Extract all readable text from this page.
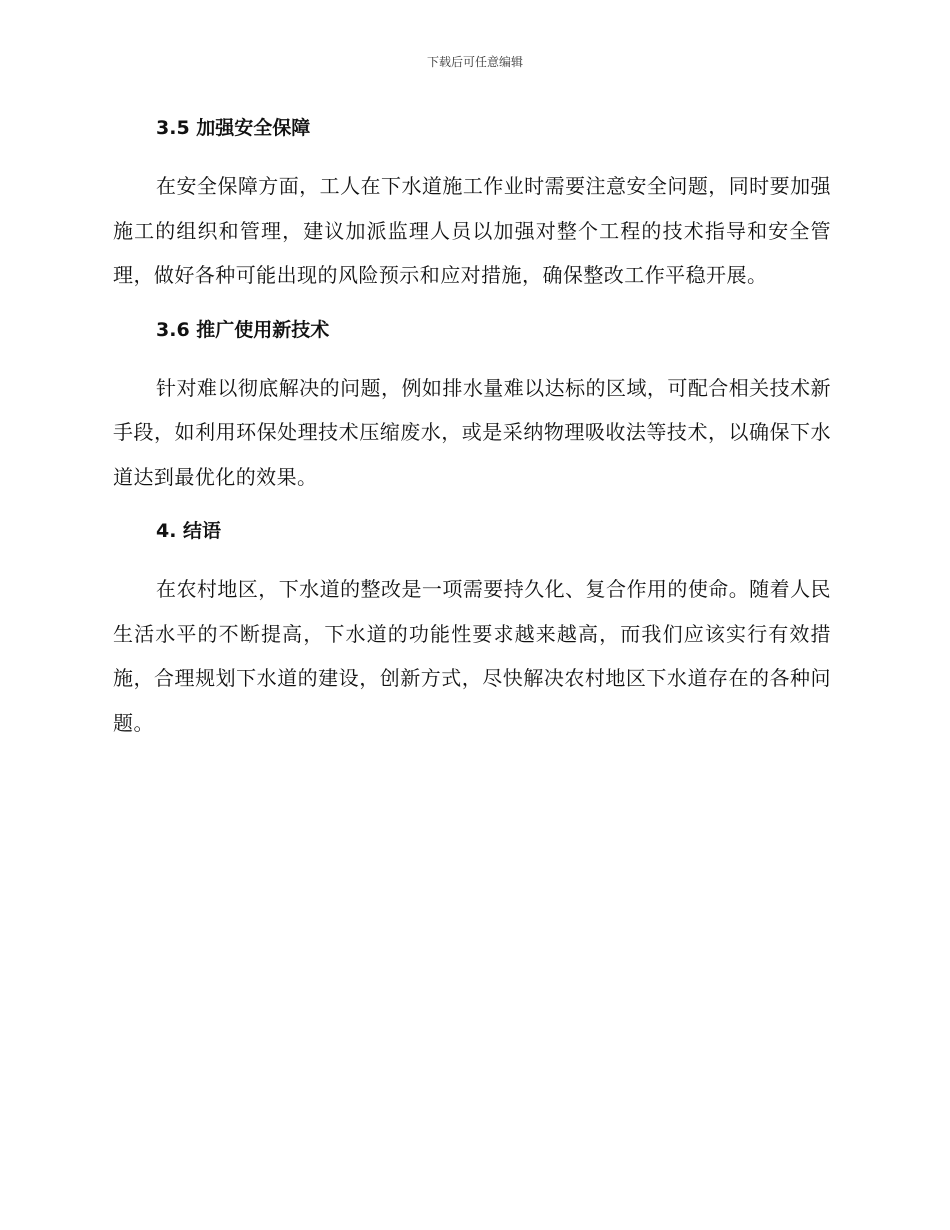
下载后可任意编辑
3.5 加强安全保障

在安全保障方面，工人在下水道施工作业时需要注意安全问题，同时要加强施工的组织和管理，建议加派监理人员以加强对整个工程的技术指导和安全管理，做好各种可能出现的风险预示和应对措施，确保整改工作平稳开展。

3.6 推广使用新技术

针对难以彻底解决的问题，例如排水量难以达标的区域，可配合相关技术新手段，如利用环保处理技术压缩废水，或是采纳物理吸收法等技术，以确保下水道达到最优化的效果。

4. 结语

在农村地区，下水道的整改是一项需要持久化、复合作用的使命。随着人民生活水平的不断提高，下水道的功能性要求越来越高，而我们应该实行有效措施，合理规划下水道的建设，创新方式，尽快解决农村地区下水道存在的各种问题。
